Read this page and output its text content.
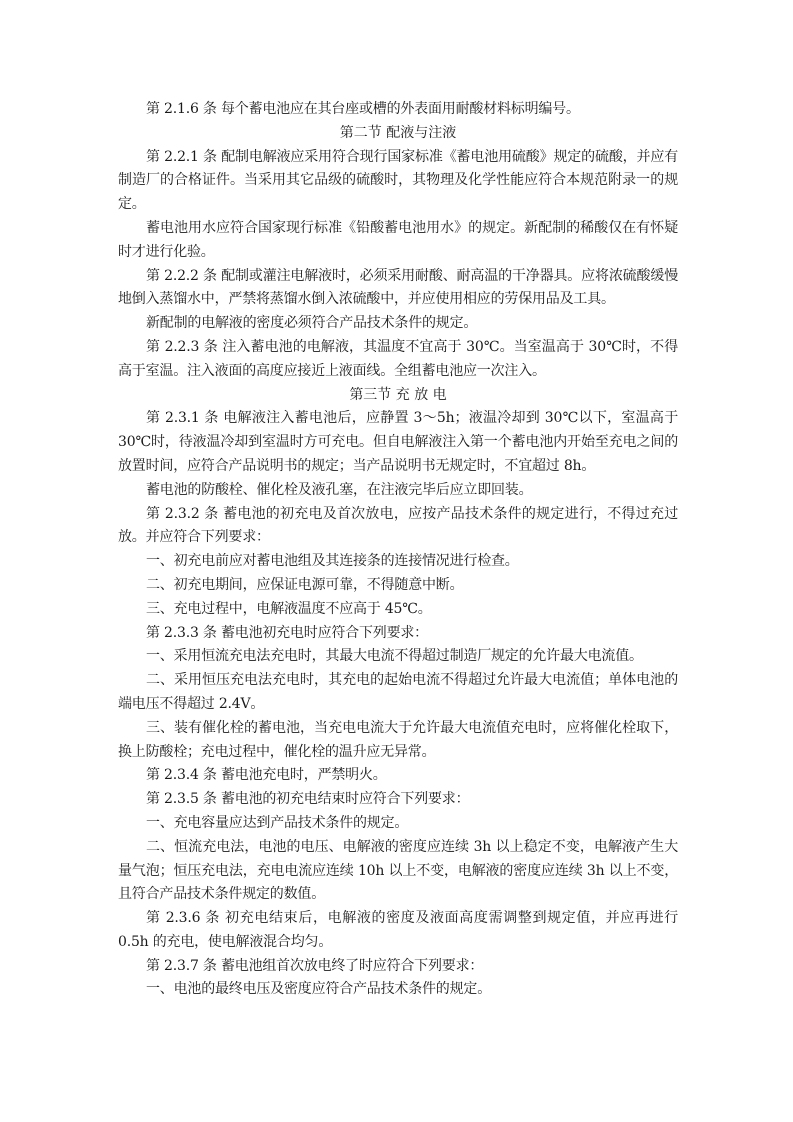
第 2.1.6 条 每个蓄电池应在其台座或槽的外表面用耐酸材料标明编号。

第二节 配液与注液

第 2.2.1 条 配制电解液应采用符合现行国家标准《蓄电池用硫酸》规定的硫酸，并应有制造厂的合格证件。当采用其它品级的硫酸时，其物理及化学性能应符合本规范附录一的规定。

蓄电池用水应符合国家现行标准《铅酸蓄电池用水》的规定。新配制的稀酸仅在有怀疑时才进行化验。

第 2.2.2 条 配制或灌注电解液时，必须采用耐酸、耐高温的干净器具。应将浓硫酸缓慢地倒入蒸馏水中，严禁将蒸馏水倒入浓硫酸中，并应使用相应的劳保用品及工具。

新配制的电解液的密度必须符合产品技术条件的规定。

第 2.2.3 条 注入蓄电池的电解液，其温度不宜高于 30℃。当室温高于 30℃时，不得高于室温。注入液面的高度应接近上液面线。全组蓄电池应一次注入。

第三节 充 放 电

第 2.3.1 条 电解液注入蓄电池后，应静置 3～5h；液温冷却到 30℃以下，室温高于 30℃时，待液温冷却到室温时方可充电。但自电解液注入第一个蓄电池内开始至充电之间的放置时间，应符合产品说明书的规定；当产品说明书无规定时，不宜超过 8h。

蓄电池的防酸栓、催化栓及液孔塞，在注液完毕后应立即回装。

第 2.3.2 条 蓄电池的初充电及首次放电，应按产品技术条件的规定进行，不得过充过放。并应符合下列要求：

一、初充电前应对蓄电池组及其连接条的连接情况进行检查。

二、初充电期间，应保证电源可靠，不得随意中断。

三、充电过程中，电解液温度不应高于 45℃。

第 2.3.3 条 蓄电池初充电时应符合下列要求：

一、采用恒流充电法充电时，其最大电流不得超过制造厂规定的允许最大电流值。

二、采用恒压充电法充电时，其充电的起始电流不得超过允许最大电流值；单体电池的端电压不得超过 2.4V。

三、装有催化栓的蓄电池，当充电电流大于允许最大电流值充电时，应将催化栓取下，换上防酸栓；充电过程中，催化栓的温升应无异常。

第 2.3.4 条 蓄电池充电时，严禁明火。

第 2.3.5 条 蓄电池的初充电结束时应符合下列要求：

一、充电容量应达到产品技术条件的规定。

二、恒流充电法，电池的电压、电解液的密度应连续 3h 以上稳定不变，电解液产生大量气泡；恒压充电法，充电电流应连续 10h 以上不变，电解液的密度应连续 3h 以上不变，且符合产品技术条件规定的数值。

第 2.3.6 条 初充电结束后，电解液的密度及液面高度需调整到规定值，并应再进行 0.5h 的充电，使电解液混合均匀。

第 2.3.7 条 蓄电池组首次放电终了时应符合下列要求：

一、电池的最终电压及密度应符合产品技术条件的规定。
